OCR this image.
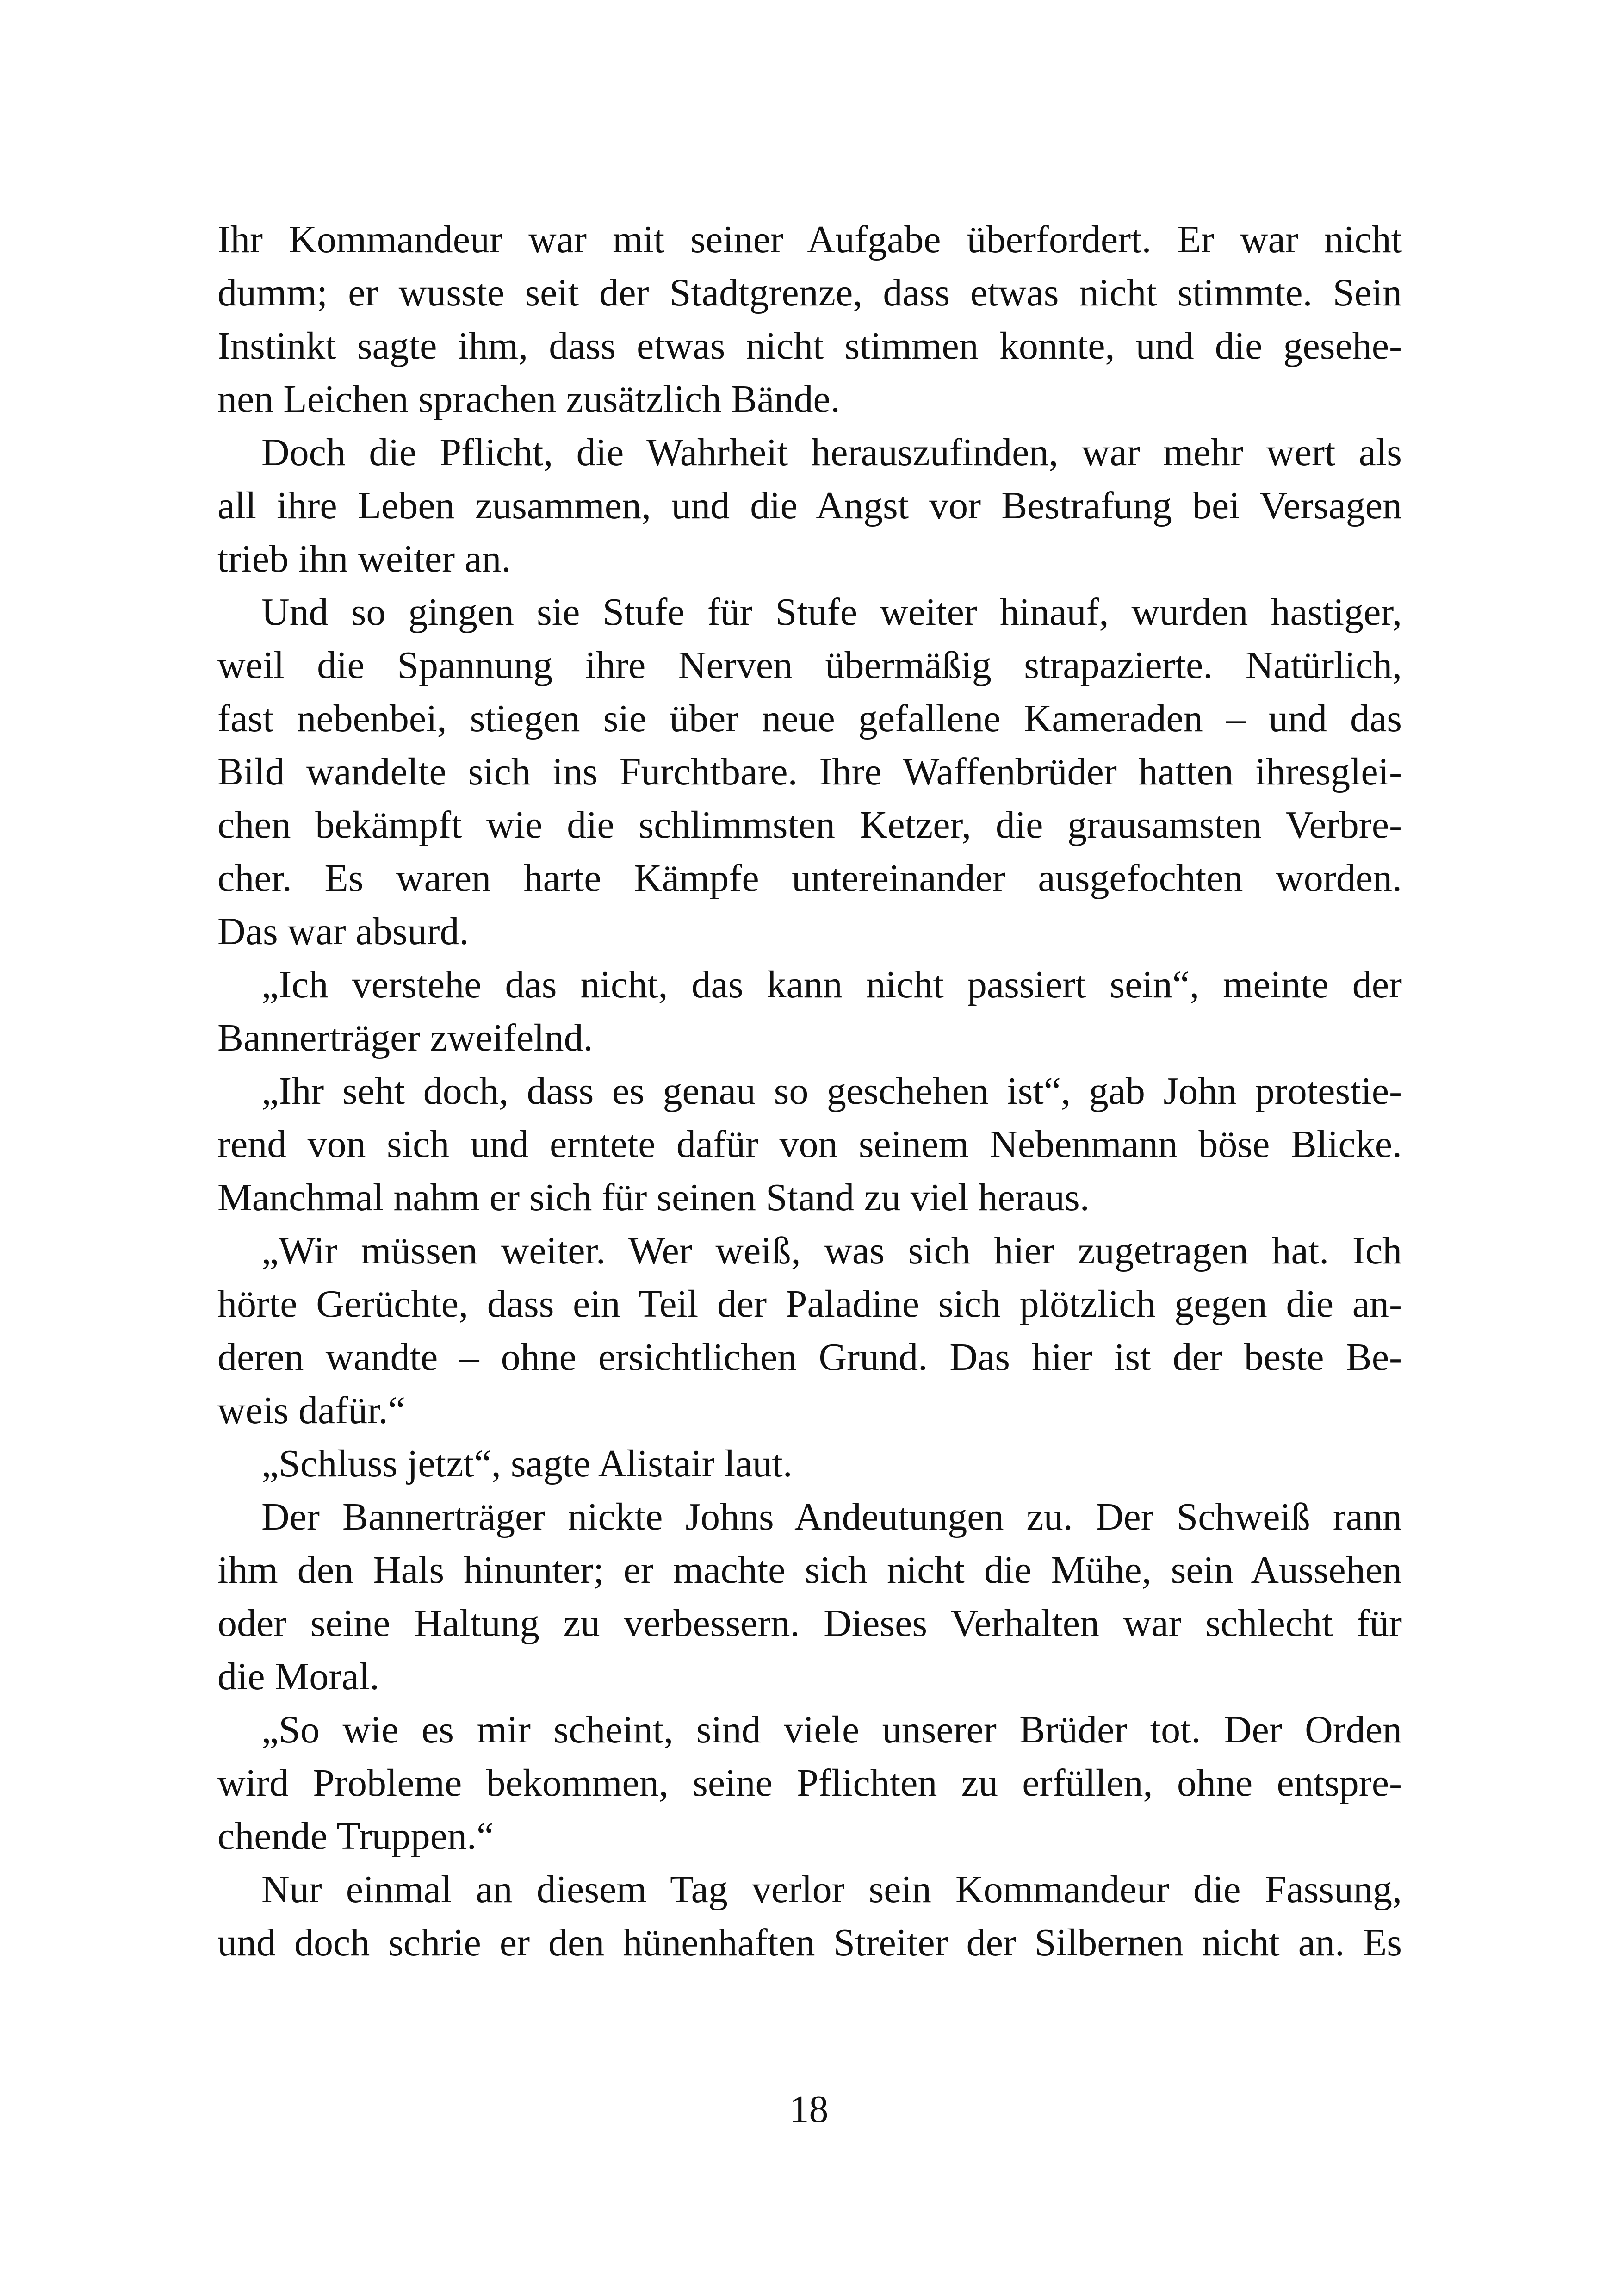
Ihr Kommandeur war mit seiner Aufgabe überfordert. Er war nicht
dumm; er wusste seit der Stadtgrenze, dass etwas nicht stimmte. Sein
Instinkt sagte ihm, dass etwas nicht stimmen konnte, und die gesehe-
nen Leichen sprachen zusätzlich Bände.
Doch die Pflicht, die Wahrheit herauszufinden, war mehr wert als
all ihre Leben zusammen, und die Angst vor Bestrafung bei Versagen
trieb ihn weiter an.
Und so gingen sie Stufe für Stufe weiter hinauf, wurden hastiger,
weil die Spannung ihre Nerven übermäßig strapazierte. Natürlich,
fast nebenbei, stiegen sie über neue gefallene Kameraden – und das
Bild wandelte sich ins Furchtbare. Ihre Waffenbrüder hatten ihresglei-
chen bekämpft wie die schlimmsten Ketzer, die grausamsten Verbre-
cher. Es waren harte Kämpfe untereinander ausgefochten worden.
Das war absurd.
„Ich verstehe das nicht, das kann nicht passiert sein“, meinte der
Bannerträger zweifelnd.
„Ihr seht doch, dass es genau so geschehen ist“, gab John protestie-
rend von sich und erntete dafür von seinem Nebenmann böse Blicke.
Manchmal nahm er sich für seinen Stand zu viel heraus.
„Wir müssen weiter. Wer weiß, was sich hier zugetragen hat. Ich
hörte Gerüchte, dass ein Teil der Paladine sich plötzlich gegen die an-
deren wandte – ohne ersichtlichen Grund. Das hier ist der beste Be-
weis dafür.“
„Schluss jetzt“, sagte Alistair laut.
Der Bannerträger nickte Johns Andeutungen zu. Der Schweiß rann
ihm den Hals hinunter; er machte sich nicht die Mühe, sein Aussehen
oder seine Haltung zu verbessern. Dieses Verhalten war schlecht für
die Moral.
„So wie es mir scheint, sind viele unserer Brüder tot. Der Orden
wird Probleme bekommen, seine Pflichten zu erfüllen, ohne entspre-
chende Truppen.“
Nur einmal an diesem Tag verlor sein Kommandeur die Fassung,
und doch schrie er den hünenhaften Streiter der Silbernen nicht an. Es
18
